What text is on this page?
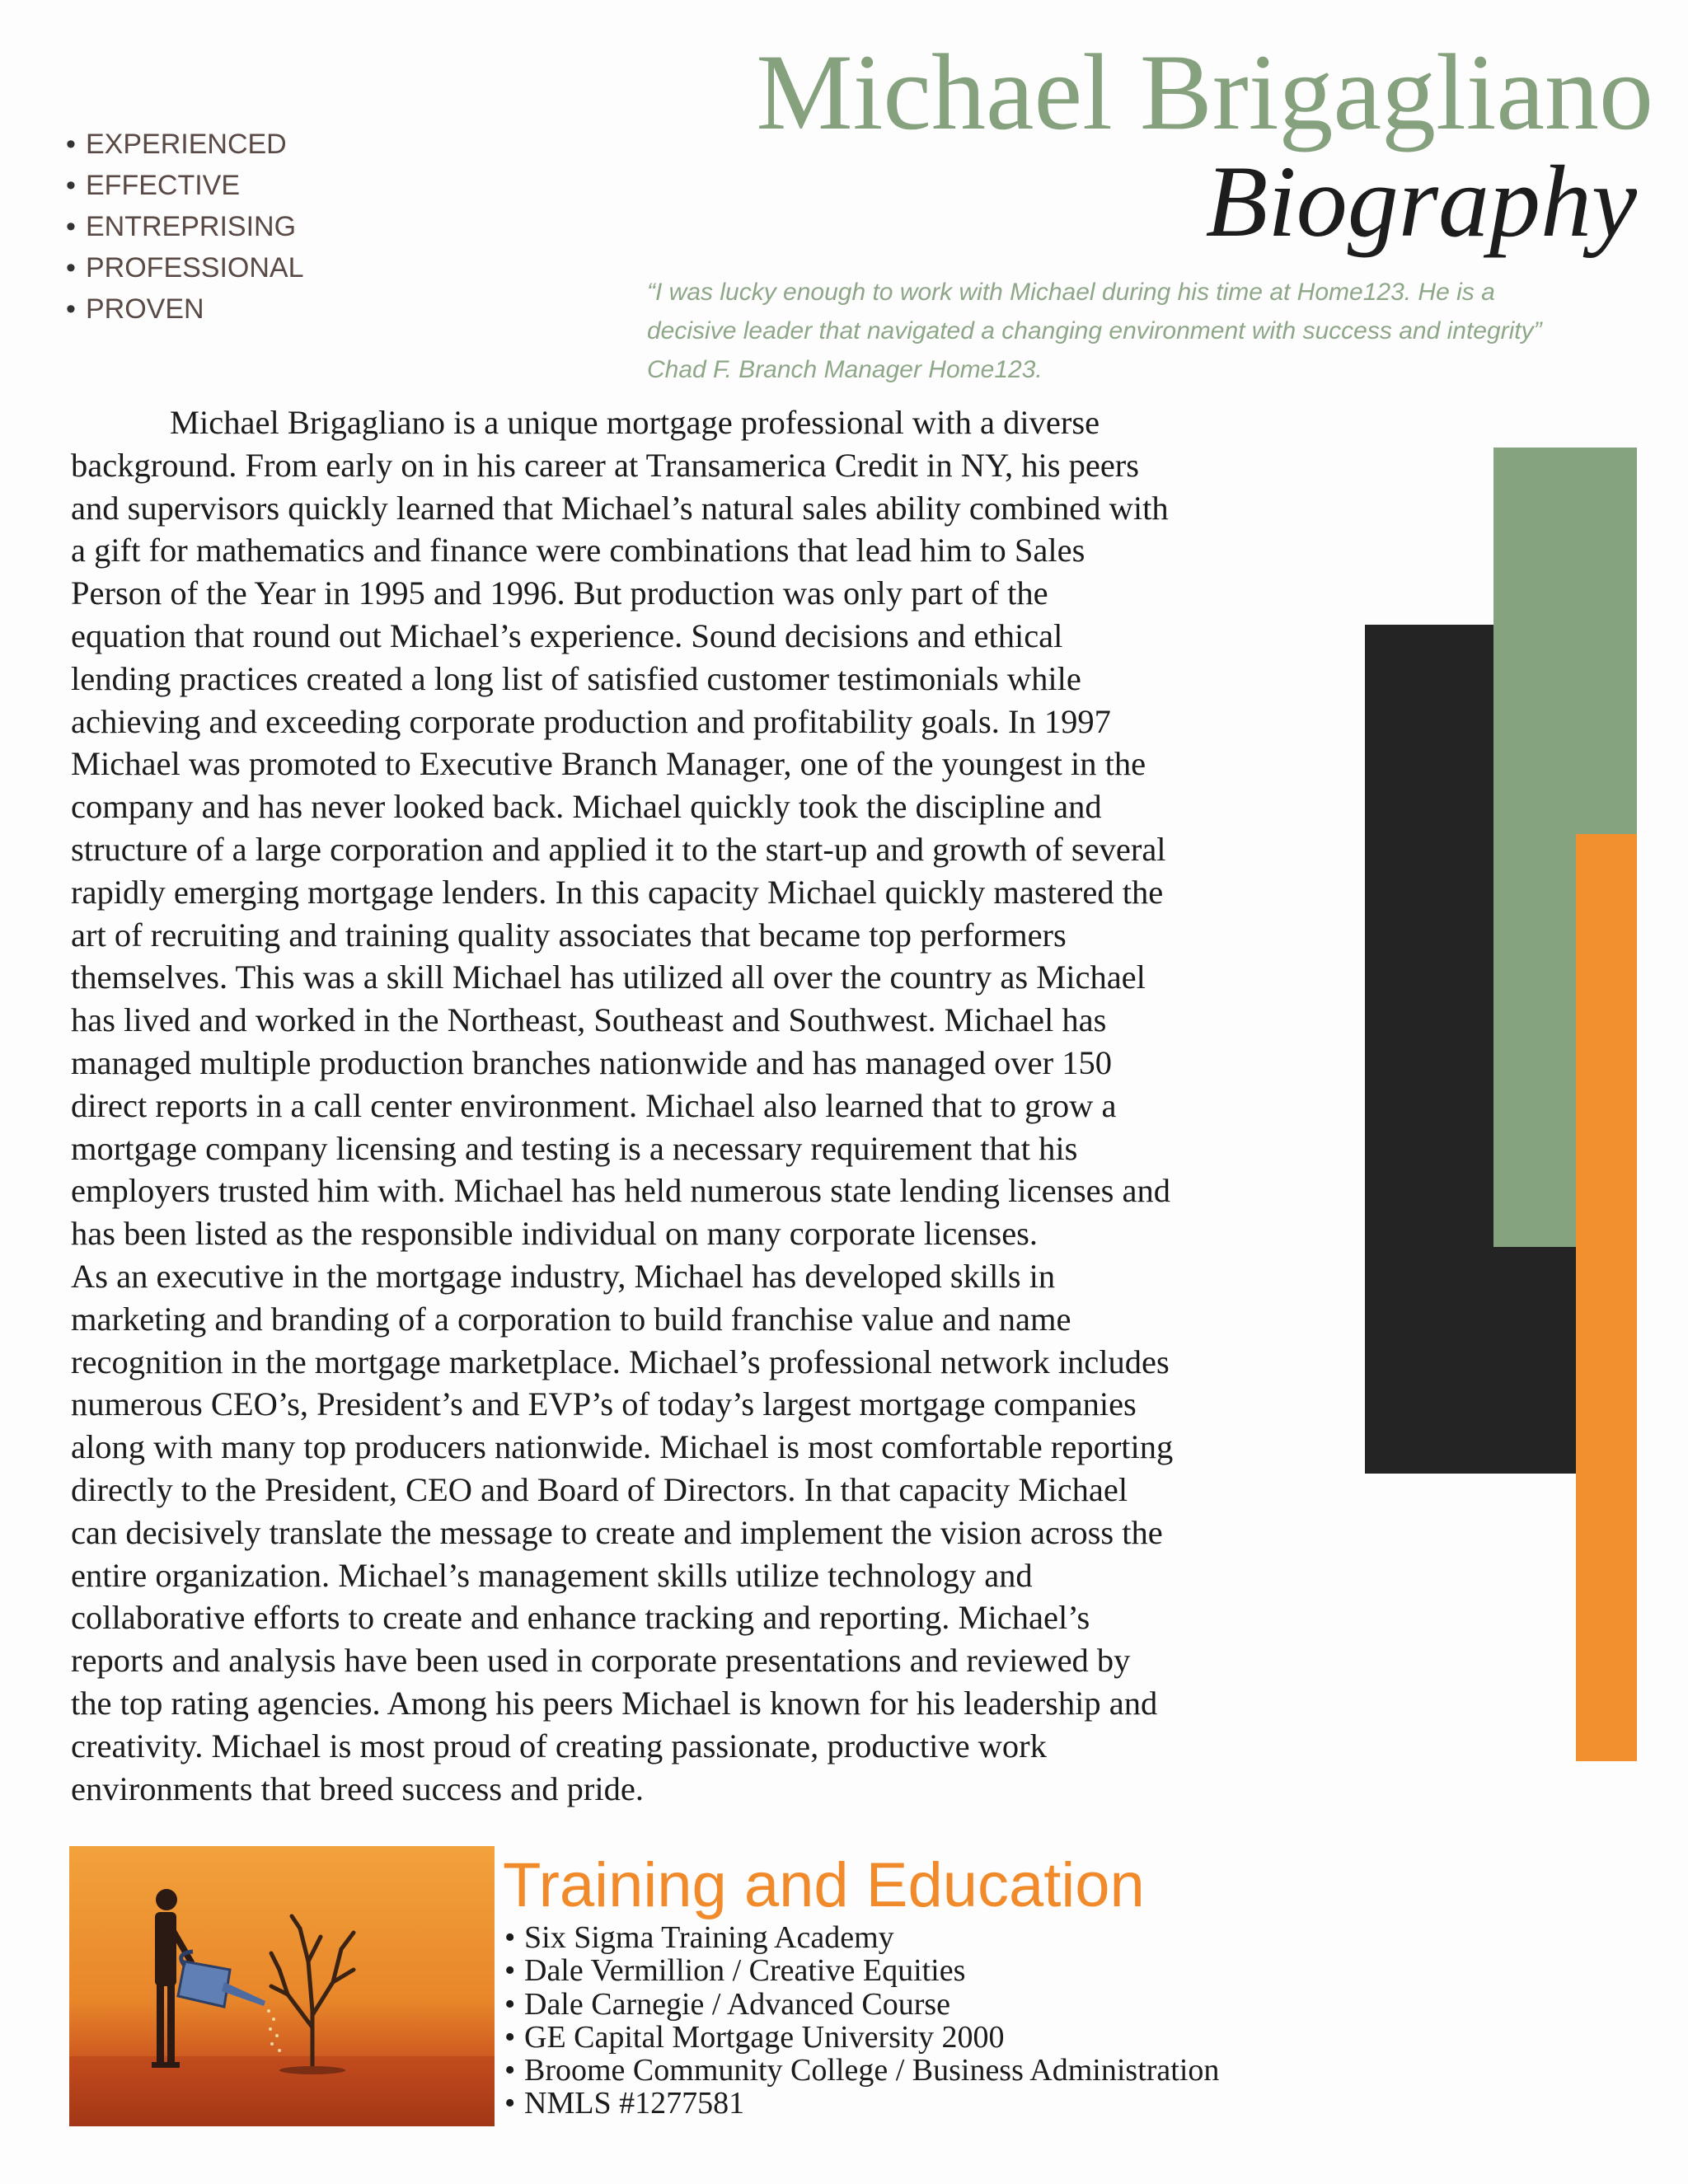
• EXPERIENCED
• EFFECTIVE
• ENTREPRISING
• PROFESSIONAL
• PROVEN
Michael Brigagliano
Biography

“I was lucky enough to work with Michael during his time at Home123. He is a
decisive leader that navigated a changing environment with success and integrity”
Chad F. Branch Manager Home123.

Michael Brigagliano is a unique mortgage professional with a diverse
background. From early on in his career at Transamerica Credit in NY, his peers
and supervisors quickly learned that Michael’s natural sales ability combined with
a gift for mathematics and finance were combinations that lead him to Sales
Person of the Year in 1995 and 1996. But production was only part of the
equation that round out Michael’s experience. Sound decisions and ethical
lending practices created a long list of satisfied customer testimonials while
achieving and exceeding corporate production and profitability goals. In 1997
Michael was promoted to Executive Branch Manager, one of the youngest in the
company and has never looked back. Michael quickly took the discipline and
structure of a large corporation and applied it to the start-up and growth of several
rapidly emerging mortgage lenders. In this capacity Michael quickly mastered the
art of recruiting and training quality associates that became top performers
themselves. This was a skill Michael has utilized all over the country as Michael
has lived and worked in the Northeast, Southeast and Southwest. Michael has
managed multiple production branches nationwide and has managed over 150
direct reports in a call center environment. Michael also learned that to grow a
mortgage company licensing and testing is a necessary requirement that his
employers trusted him with. Michael has held numerous state lending licenses and
has been listed as the responsible individual on many corporate licenses.
As an executive in the mortgage industry, Michael has developed skills in
marketing and branding of a corporation to build franchise value and name
recognition in the mortgage marketplace. Michael’s professional network includes
numerous CEO’s, President’s and EVP’s of today’s largest mortgage companies
along with many top producers nationwide. Michael is most comfortable reporting
directly to the President, CEO and Board of Directors. In that capacity Michael
can decisively translate the message to create and implement the vision across the
entire organization. Michael’s management skills utilize technology and
collaborative efforts to create and enhance tracking and reporting. Michael’s
reports and analysis have been used in corporate presentations and reviewed by
the top rating agencies. Among his peers Michael is known for his leadership and
creativity. Michael is most proud of creating passionate, productive work
environments that breed success and pride.
Training and Education
• Six Sigma Training Academy
• Dale Vermillion / Creative Equities
• Dale Carnegie / Advanced Course
• GE Capital Mortgage University 2000
• Broome Community College / Business Administration
• NMLS #1277581
